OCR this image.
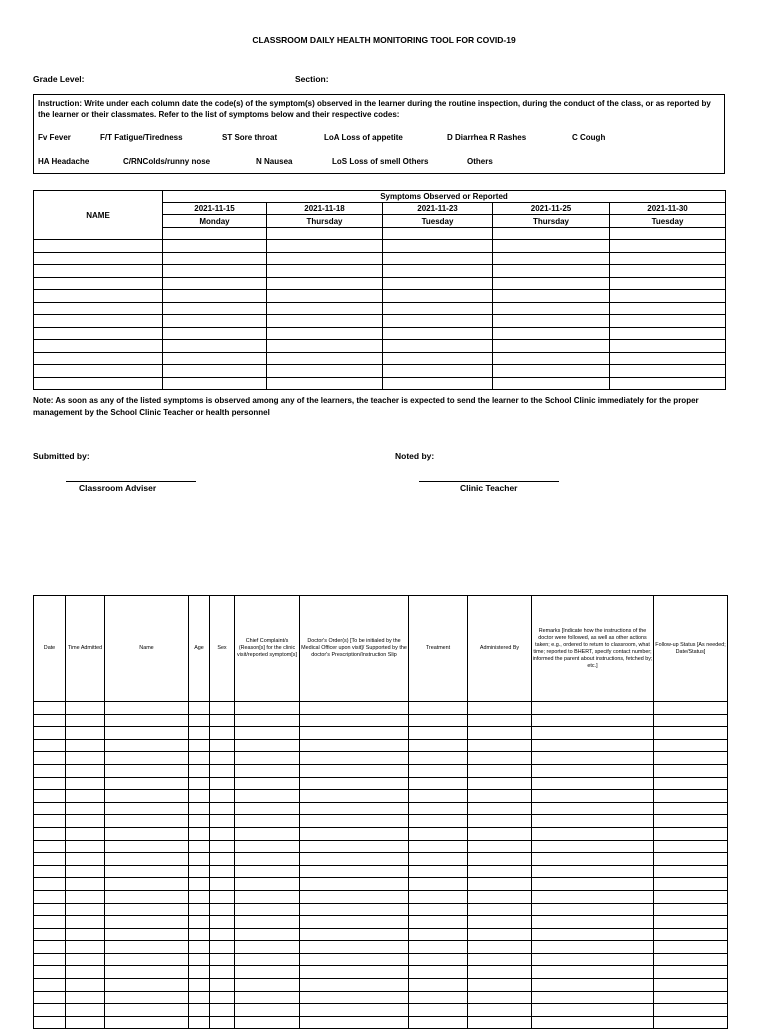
CLASSROOM DAILY HEALTH MONITORING TOOL FOR COVID-19
Grade Level:	Section:
Instruction: Write under each column date the code(s) of the symptom(s) observed in the learner during the routine inspection, during the conduct of the class, or as reported by the learner or their classmates. Refer to the list of symptoms below and their respective codes:
Fv Fever	F/T Fatigue/Tiredness	ST Sore throat	LoA Loss of appetite	D Diarrhea R Rashes	C Cough
HA Headache	C/RNColds/runny nose	N Nausea	LoS Loss of smell Others	Others
NAME	Symptoms Observed or Reported				
	2021-11-15	2021-11-18	2021-11-23	2021-11-25	2021-11-30
	Monday	Thursday	Tuesday	Thursday	Tuesday

Note: As soon as any of the listed symptoms is observed among any of the learners, the teacher is expected to send the learner to the School Clinic immediately for the proper management by the School Clinic Teacher or health personnel
Submitted by:	Noted by:
Classroom Adviser	Clinic Teacher
Date	Time Admitted	Name	Age	Sex	Chief Complaint/s (Reason[s] for the clinic visit/reported symptom[s]	Doctor's Order(s) [To be initialed by the Medical Officer upon visit]/ Supported by the doctor's Prescription/Instruction Slip	Treatment	Administered By	Remarks [Indicate how the instructions of the doctor were followed, as well as other actions taken; e.g., ordered to return to classroom, what time; reported to BHERT, specify contact number; informed the parent about instructions, fetched by; etc.]	Follow-up Status [As needed; Date/Status]
